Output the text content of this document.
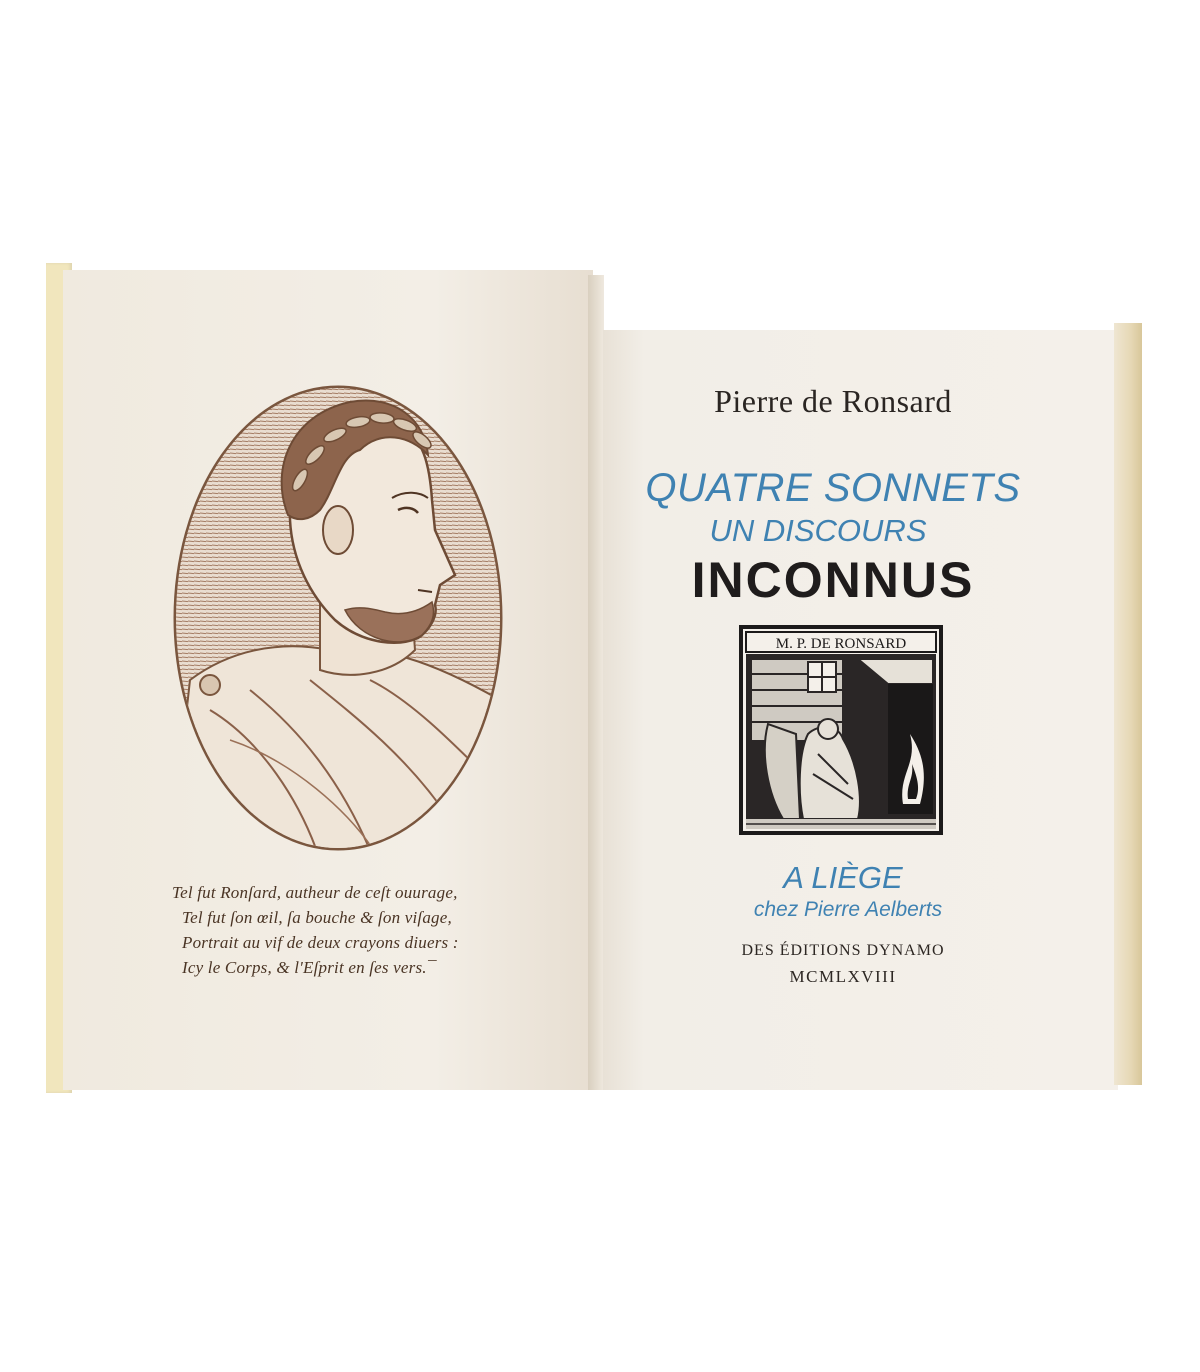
Tel fut Ronſard, autheur de ceſt ouurage,
Tel fut ſon œil, ſa bouche & ſon viſage,
Portrait au vif de deux crayons diuers :
Icy le Corps, & l'Eſprit en ſes vers.¯
Pierre de Ronsard
QUATRE SONNETS
UN DISCOURS
INCONNUS
M. P. DE RONSARD
A LIÈGE
chez Pierre Aelberts
DES ÉDITIONS DYNAMO
MCMLXVIII
